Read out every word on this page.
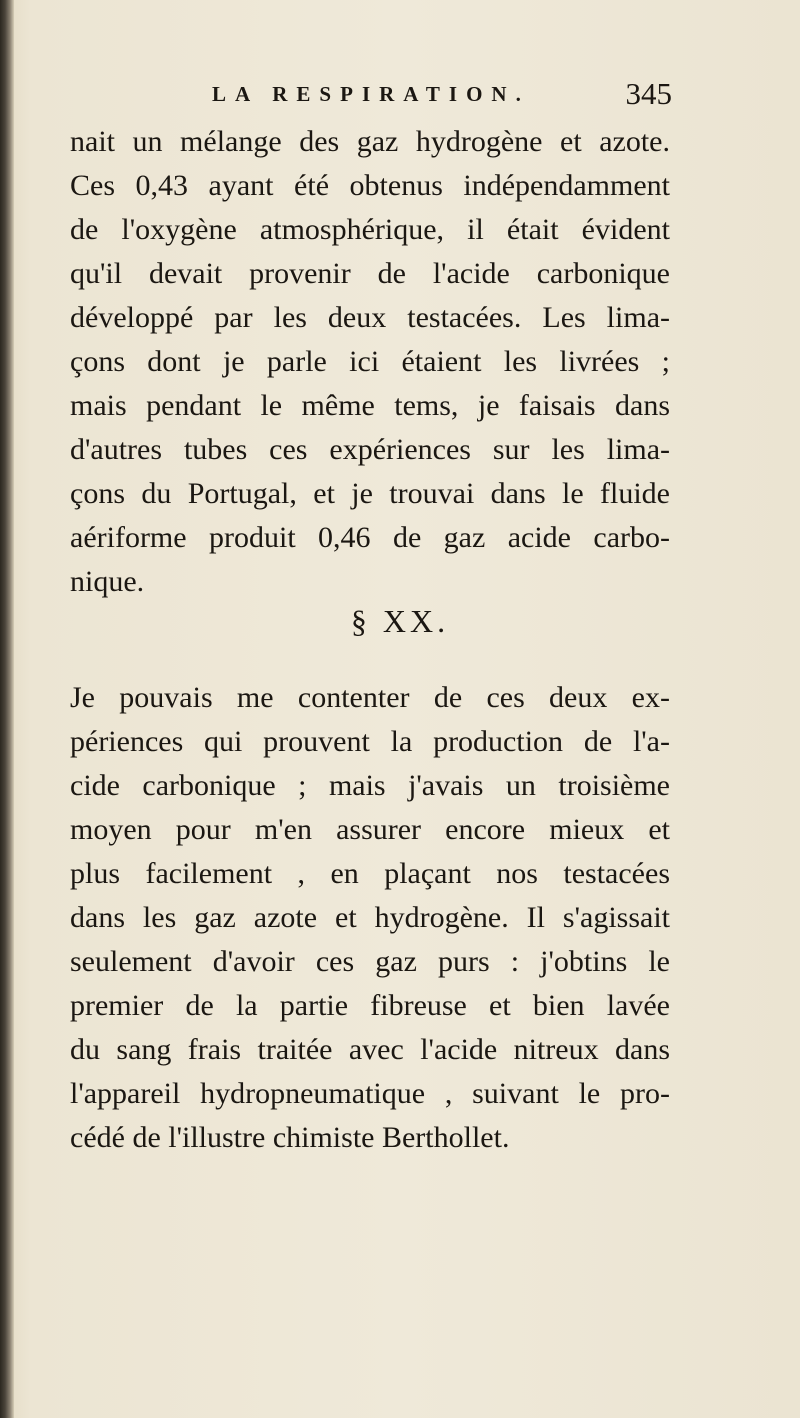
LA RESPIRATION.	345
nait un mélange des gaz hydrogène et azote.
Ces 0,43 ayant été obtenus indépendamment
de l'oxygène atmosphérique, il était évident
qu'il devait provenir de l'acide carbonique
développé par les deux testacées. Les lima-
çons dont je parle ici étaient les livrées ;
mais pendant le même tems, je faisais dans
d'autres tubes ces expériences sur les lima-
çons du Portugal, et je trouvai dans le fluide
aériforme produit 0,46 de gaz acide carbo-
nique.
§ XX.
Je pouvais me contenter de ces deux ex-
périences qui prouvent la production de l'a-
cide carbonique ; mais j'avais un troisième
moyen pour m'en assurer encore mieux et
plus facilement , en plaçant nos testacées
dans les gaz azote et hydrogène. Il s'agissait
seulement d'avoir ces gaz purs : j'obtins le
premier de la partie fibreuse et bien lavée
du sang frais traitée avec l'acide nitreux dans
l'appareil hydropneumatique , suivant le pro-
cédé de l'illustre chimiste Berthollet.
